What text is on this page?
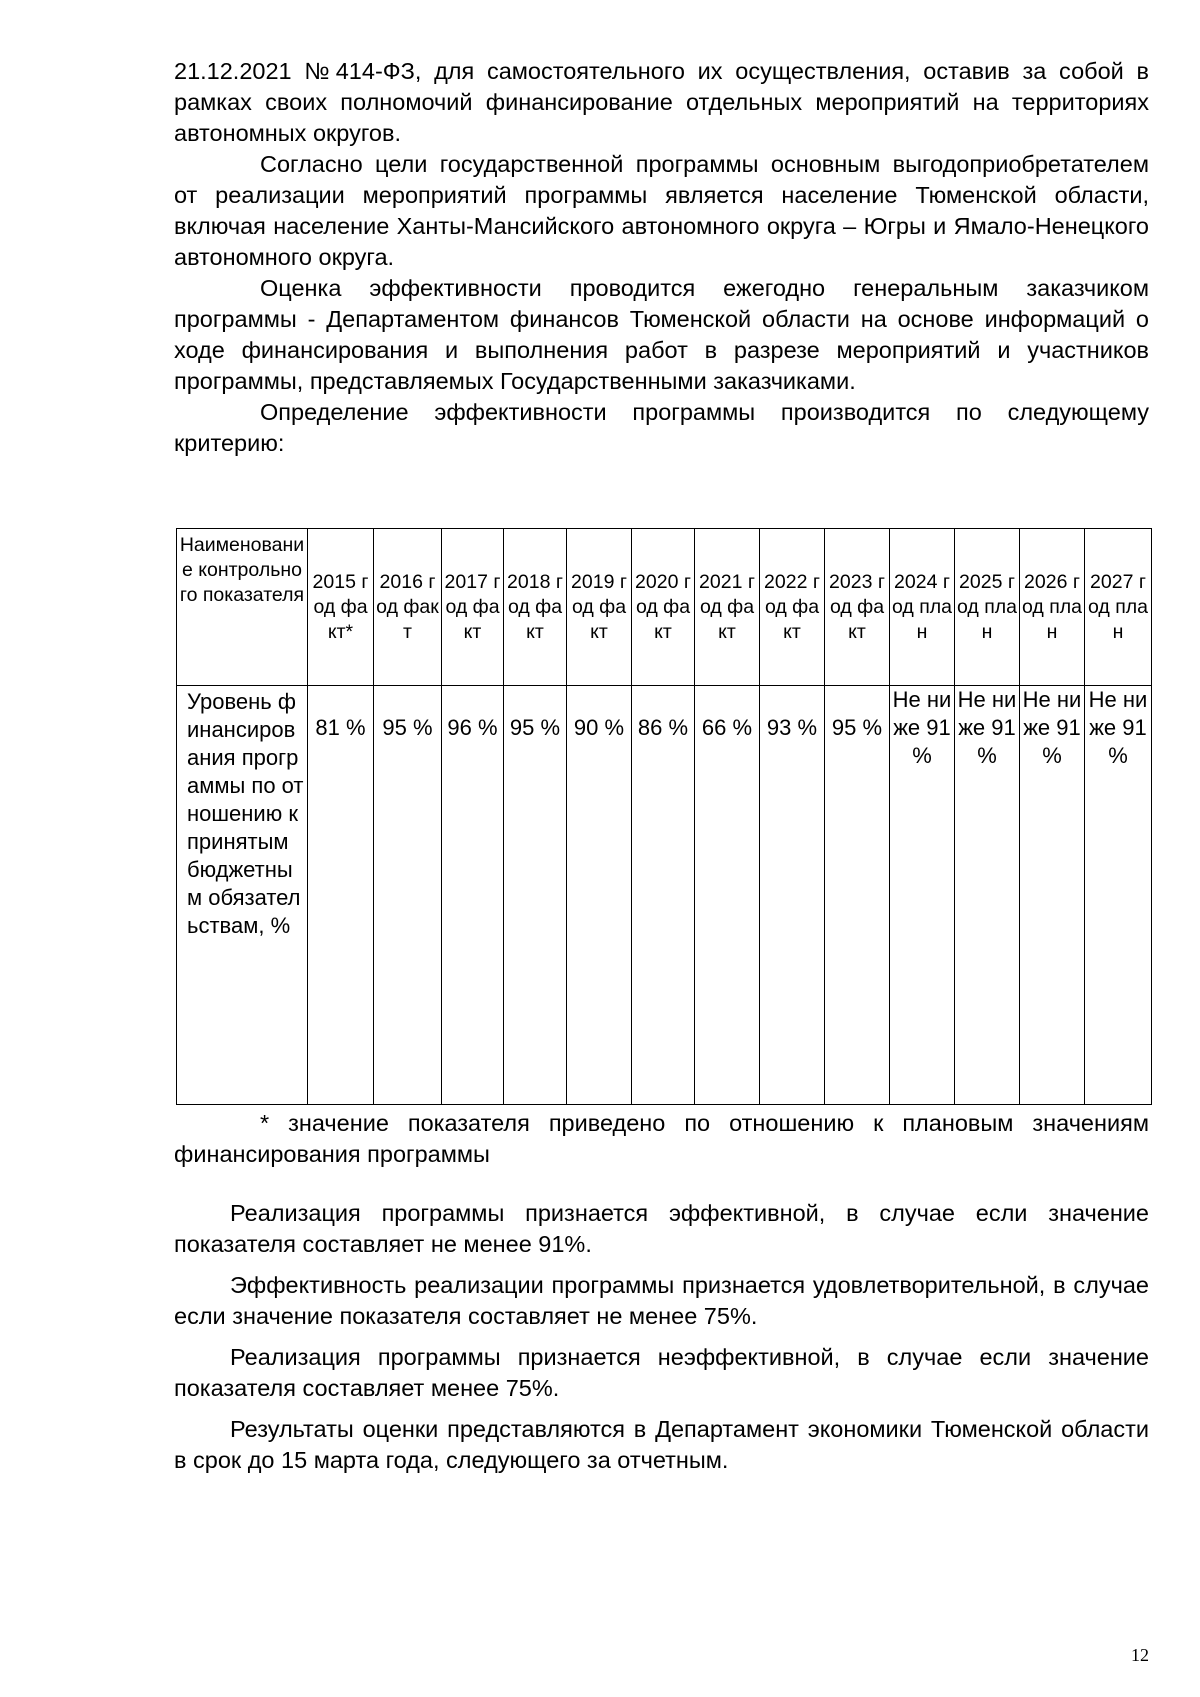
21.12.2021 №414-ФЗ, для самостоятельного их осуществления, оставив за собой в рамках своих полномочий финансирование отдельных мероприятий на территориях автономных округов.

Согласно цели государственной программы основным выгодоприобретателем от реализации мероприятий программы является население Тюменской области, включая население Ханты-Мансийского автономного округа – Югры и Ямало-Ненецкого автономного округа.

Оценка эффективности проводится ежегодно генеральным заказчиком программы - Департаментом финансов Тюменской области на основе информаций о ходе финансирования и выполнения работ в разрезе мероприятий и участников программы, представляемых Государственными заказчиками.

Определение эффективности программы производится по следующему критерию:

Наименование контрольного показателя	2015 год факт*	2016 год факт	2017 год факт	2018 год факт	2019 год факт	2020 год факт	2021 год факт	2022 год факт	2023 год факт	2024 год план	2025 год план	2026 год план	2027 год план
Уровень финансирования программы по отношению к принятым бюджетным обязательствам, %	81 %	95 %	96 %	95 %	90 %	86 %	66 %	93 %	95 %	Не ниже 91 %	Не ниже 91 %	Не ниже 91 %	Не ниже 91 %

* значение показателя приведено по отношению к плановым значениям финансирования программы

Реализация программы признается эффективной, в случае если значение показателя составляет не менее 91%.

Эффективность реализации программы признается удовлетворительной, в случае если значение показателя составляет не менее 75%.

Реализация программы признается неэффективной, в случае если значение показателя составляет менее 75%.

Результаты оценки представляются в Департамент экономики Тюменской области в срок до 15 марта года, следующего за отчетным.

12
